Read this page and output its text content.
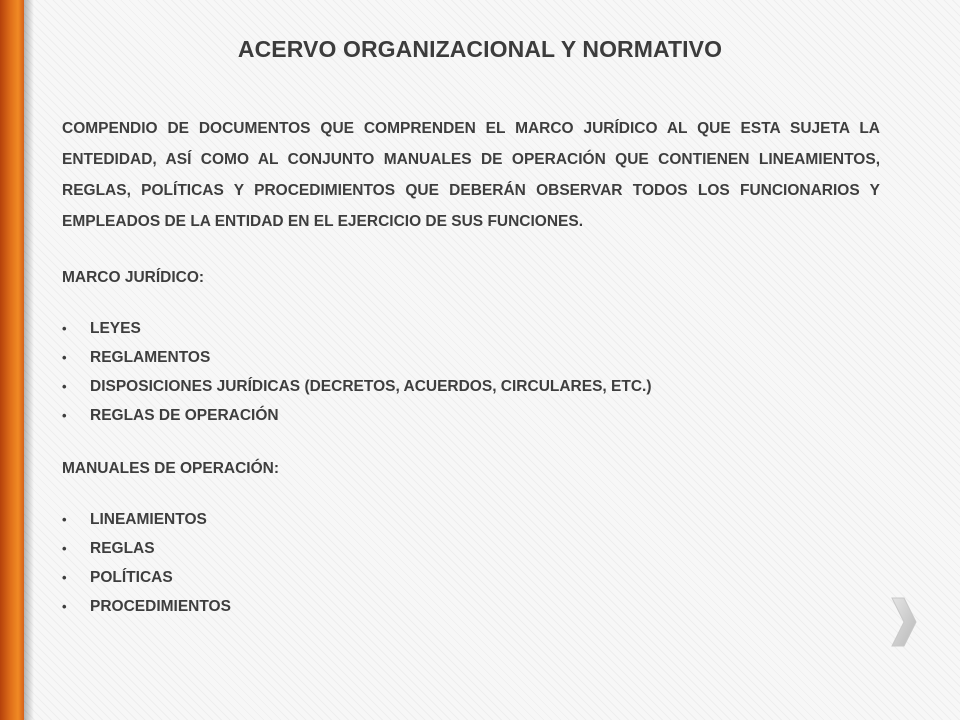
ACERVO ORGANIZACIONAL Y NORMATIVO

COMPENDIO DE DOCUMENTOS QUE COMPRENDEN EL MARCO JURÍDICO AL QUE ESTA SUJETA LA ENTEDIDAD, ASÍ COMO AL CONJUNTO MANUALES DE OPERACIÓN QUE CONTIENEN LINEAMIENTOS, REGLAS, POLÍTICAS Y PROCEDIMIENTOS QUE DEBERÁN OBSERVAR TODOS LOS FUNCIONARIOS Y EMPLEADOS DE LA ENTIDAD EN EL EJERCICIO DE SUS FUNCIONES.

MARCO JURÍDICO:

• LEYES
• REGLAMENTOS
• DISPOSICIONES JURÍDICAS (DECRETOS, ACUERDOS, CIRCULARES, ETC.)
• REGLAS DE OPERACIÓN

MANUALES DE OPERACIÓN:

• LINEAMIENTOS
• REGLAS
• POLÍTICAS
• PROCEDIMIENTOS
